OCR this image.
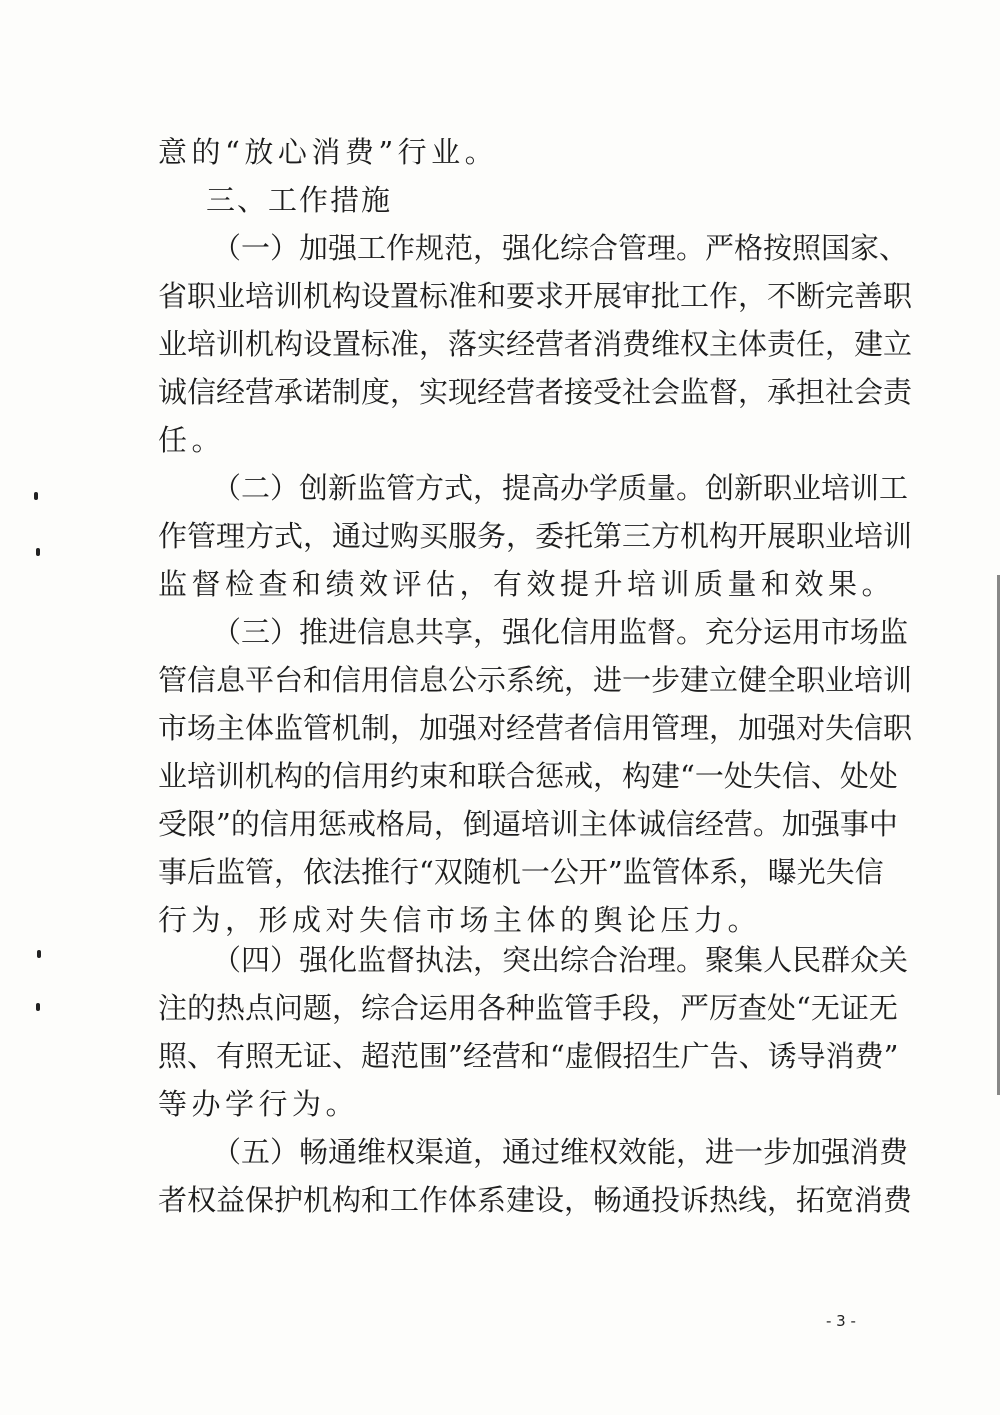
意的“放心消费”行业。
三、工作措施
（一）加强工作规范，强化综合管理。严格按照国家、
省职业培训机构设置标准和要求开展审批工作，不断完善职
业培训机构设置标准，落实经营者消费维权主体责任，建立
诚信经营承诺制度，实现经营者接受社会监督，承担社会责
任。
（二）创新监管方式，提高办学质量。创新职业培训工
作管理方式，通过购买服务，委托第三方机构开展职业培训
监督检查和绩效评估，有效提升培训质量和效果。
（三）推进信息共享，强化信用监督。充分运用市场监
管信息平台和信用信息公示系统，进一步建立健全职业培训
市场主体监管机制，加强对经营者信用管理，加强对失信职
业培训机构的信用约束和联合惩戒，构建“一处失信、处处
受限”的信用惩戒格局，倒逼培训主体诚信经营。加强事中
事后监管，依法推行“双随机一公开”监管体系，曝光失信
行为，形成对失信市场主体的舆论压力。
（四）强化监督执法，突出综合治理。聚集人民群众关
注的热点问题，综合运用各种监管手段，严厉查处“无证无
照、有照无证、超范围”经营和“虚假招生广告、诱导消费”
等办学行为。
（五）畅通维权渠道，通过维权效能，进一步加强消费
者权益保护机构和工作体系建设，畅通投诉热线，拓宽消费
- 3 -
